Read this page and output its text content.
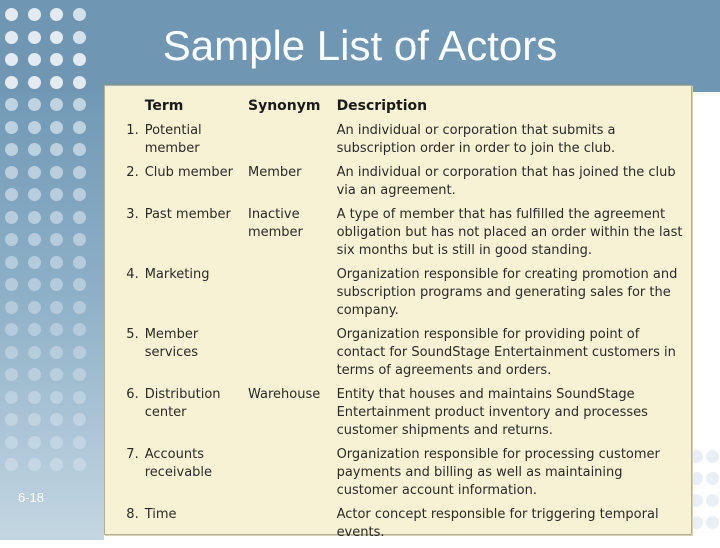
Sample List of Actors
6-18
	Term	Synonym	Description
1.	Potential member		An individual or corporation that submits a subscription order in order to join the club.
2.	Club member	Member	An individual or corporation that has joined the club via an agreement.
3.	Past member	Inactive member	A type of member that has fulfilled the agreement obligation but has not placed an order within the last six months but is still in good standing.
4.	Marketing		Organization responsible for creating promotion and subscription programs and generating sales for the company.
5.	Member services		Organization responsible for providing point of contact for SoundStage Entertainment customers in terms of agreements and orders.
6.	Distribution center	Warehouse	Entity that houses and maintains SoundStage Entertainment product inventory and processes customer shipments and returns.
7.	Accounts receivable		Organization responsible for processing customer payments and billing as well as maintaining customer account information.
8.	Time		Actor concept responsible for triggering temporal events.
